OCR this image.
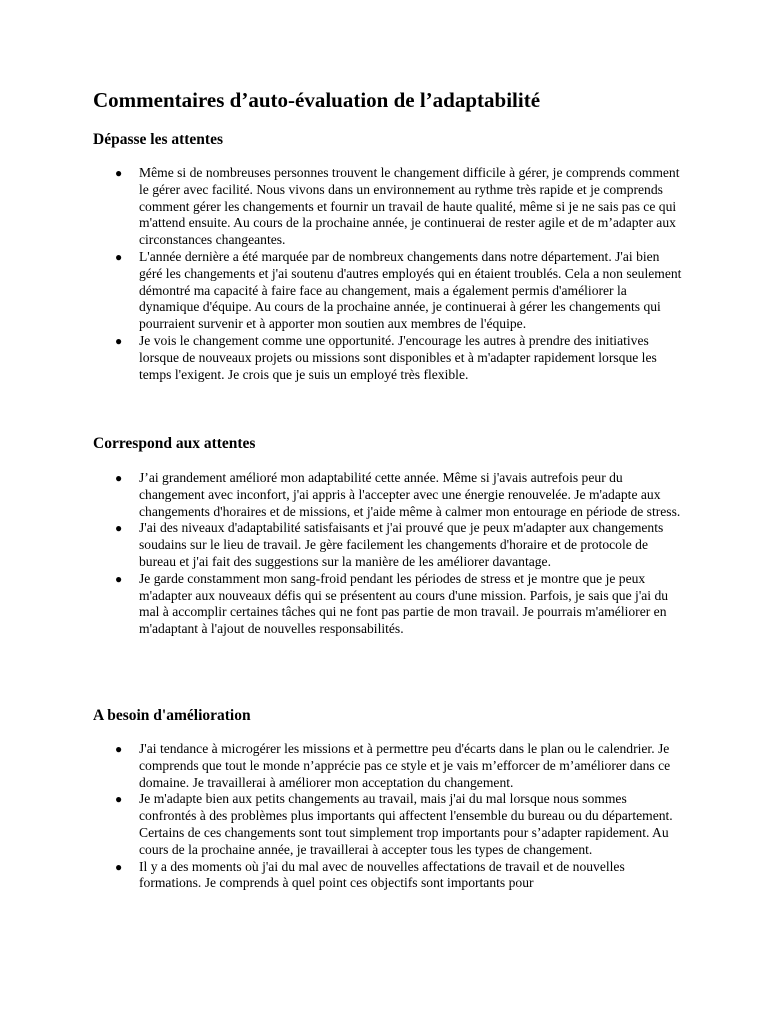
Commentaires d’auto-évaluation de l’adaptabilité
Dépasse les attentes
● Même si de nombreuses personnes trouvent le changement difficile à gérer, je comprends comment le gérer avec facilité. Nous vivons dans un environnement au rythme très rapide et je comprends comment gérer les changements et fournir un travail de haute qualité, même si je ne sais pas ce qui m'attend ensuite. Au cours de la prochaine année, je continuerai de rester agile et de m’adapter aux circonstances changeantes.
● L'année dernière a été marquée par de nombreux changements dans notre département. J'ai bien géré les changements et j'ai soutenu d'autres employés qui en étaient troublés. Cela a non seulement démontré ma capacité à faire face au changement, mais a également permis d'améliorer la dynamique d'équipe. Au cours de la prochaine année, je continuerai à gérer les changements qui pourraient survenir et à apporter mon soutien aux membres de l'équipe.
● Je vois le changement comme une opportunité. J'encourage les autres à prendre des initiatives lorsque de nouveaux projets ou missions sont disponibles et à m'adapter rapidement lorsque les temps l'exigent. Je crois que je suis un employé très flexible.
Correspond aux attentes
● J’ai grandement amélioré mon adaptabilité cette année. Même si j'avais autrefois peur du changement avec inconfort, j'ai appris à l'accepter avec une énergie renouvelée. Je m'adapte aux changements d'horaires et de missions, et j'aide même à calmer mon entourage en période de stress.
● J'ai des niveaux d'adaptabilité satisfaisants et j'ai prouvé que je peux m'adapter aux changements soudains sur le lieu de travail. Je gère facilement les changements d'horaire et de protocole de bureau et j'ai fait des suggestions sur la manière de les améliorer davantage.
● Je garde constamment mon sang-froid pendant les périodes de stress et je montre que je peux m'adapter aux nouveaux défis qui se présentent au cours d'une mission. Parfois, je sais que j'ai du mal à accomplir certaines tâches qui ne font pas partie de mon travail. Je pourrais m'améliorer en m'adaptant à l'ajout de nouvelles responsabilités.
A besoin d'amélioration
● J'ai tendance à microgérer les missions et à permettre peu d'écarts dans le plan ou le calendrier. Je comprends que tout le monde n’apprécie pas ce style et je vais m’efforcer de m’améliorer dans ce domaine. Je travaillerai à améliorer mon acceptation du changement.
● Je m'adapte bien aux petits changements au travail, mais j'ai du mal lorsque nous sommes confrontés à des problèmes plus importants qui affectent l'ensemble du bureau ou du département. Certains de ces changements sont tout simplement trop importants pour s’adapter rapidement. Au cours de la prochaine année, je travaillerai à accepter tous les types de changement.
● Il y a des moments où j'ai du mal avec de nouvelles affectations de travail et de nouvelles formations. Je comprends à quel point ces objectifs sont importants pour
